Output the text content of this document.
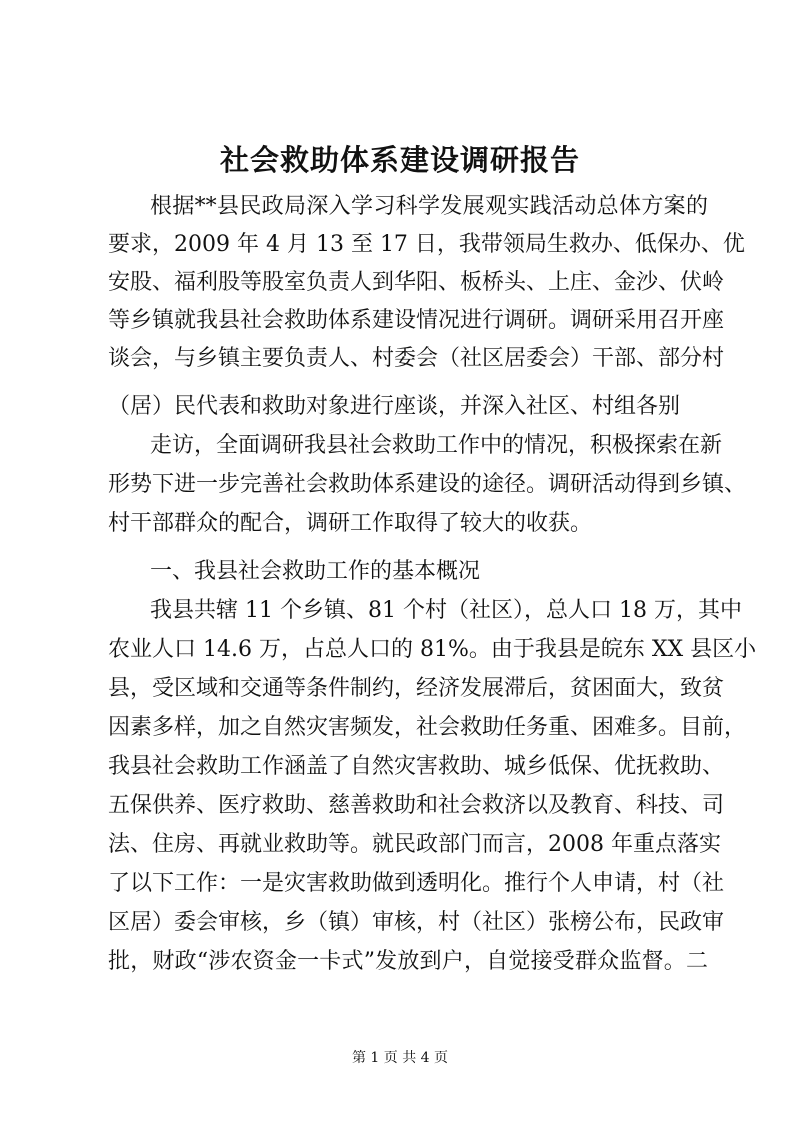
社会救助体系建设调研报告
根据**县民政局深入学习科学发展观实践活动总体方案的
要求，2009 年 4 月 13 至 17 日，我带领局生救办、低保办、优
安股、福利股等股室负责人到华阳、板桥头、上庄、金沙、伏岭
等乡镇就我县社会救助体系建设情况进行调研。调研采用召开座
谈会，与乡镇主要负责人、村委会（社区居委会）干部、部分村
（居）民代表和救助对象进行座谈，并深入社区、村组各别
走访，全面调研我县社会救助工作中的情况，积极探索在新
形势下进一步完善社会救助体系建设的途径。调研活动得到乡镇、
村干部群众的配合，调研工作取得了较大的收获。
一、我县社会救助工作的基本概况
我县共辖 11 个乡镇、81 个村（社区），总人口 18 万，其中
农业人口 14.6 万，占总人口的 81%。由于我县是皖东 XX 县区小
县，受区域和交通等条件制约，经济发展滞后，贫困面大，致贫
因素多样，加之自然灾害频发，社会救助任务重、困难多。目前，
我县社会救助工作涵盖了自然灾害救助、城乡低保、优抚救助、
五保供养、医疗救助、慈善救助和社会救济以及教育、科技、司
法、住房、再就业救助等。就民政部门而言，2008 年重点落实
了以下工作：一是灾害救助做到透明化。推行个人申请，村（社
区居）委会审核，乡（镇）审核，村（社区）张榜公布，民政审
批，财政“涉农资金一卡式”发放到户，自觉接受群众监督。二
第 1 页 共 4 页
